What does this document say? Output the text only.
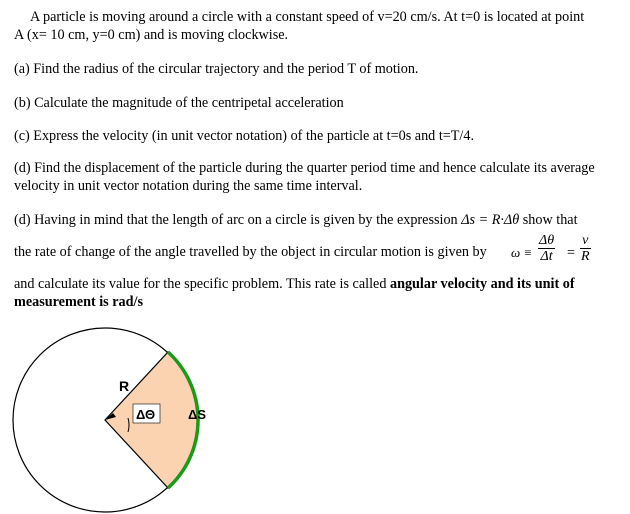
A particle is moving around a circle with a constant speed of v=20 cm/s. At t=0 is located at point
A (x= 10 cm, y=0 cm) and is moving clockwise.
(a) Find the radius of the circular trajectory and the period T of motion.
(b) Calculate the magnitude of the centripetal acceleration
(c) Express the velocity (in unit vector notation) of the particle at t=0s and t=T/4.
(d) Find the displacement of the particle during the quarter period time and hence calculate its average
velocity in unit vector notation during the same time interval.
(d) Having in mind that the length of arc on a circle is given by the expression Δs = R·Δθ show that
the rate of change of the angle travelled by the object in circular motion is given by $\omega \equiv \frac{\Delta\theta}{\Delta t} = \frac{v}{R}$
and calculate its value for the specific problem. This rate is called angular velocity and its unit of
measurement is rad/s
R
ΔΘ	ΔS
